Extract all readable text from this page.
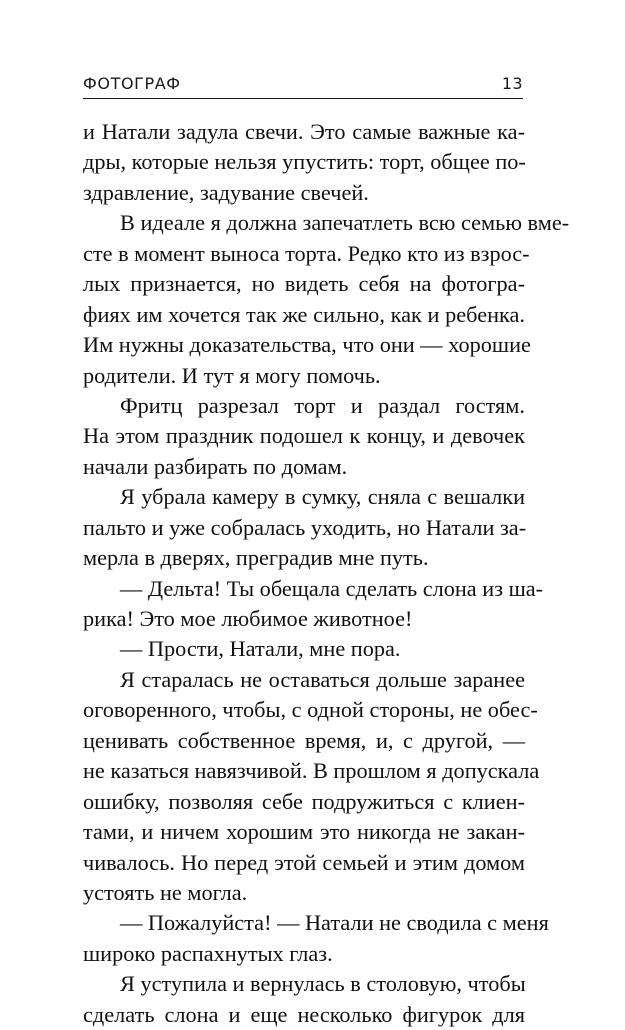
ФОТОГРАФ	13
и Натали задула свечи. Это самые важные ка-
дры, которые нельзя упустить: торт, общее по-
здравление, задувание свечей.
В идеале я должна запечатлеть всю семью вме-
сте в момент выноса торта. Редко кто из взрос-
лых признается, но видеть себя на фотогра-
фиях им хочется так же сильно, как и ребенка.
Им нужны доказательства, что они — хорошие
родители. И тут я могу помочь.
Фритц разрезал торт и раздал гостям.
На этом праздник подошел к концу, и девочек
начали разбирать по домам.
Я убрала камеру в сумку, сняла с вешалки
пальто и уже собралась уходить, но Натали за-
мерла в дверях, преградив мне путь.
— Дельта! Ты обещала сделать слона из ша-
рика! Это мое любимое животное!
— Прости, Натали, мне пора.
Я старалась не оставаться дольше заранее
оговоренного, чтобы, с одной стороны, не обес-
ценивать собственное время, и, с другой, —
не казаться навязчивой. В прошлом я допускала
ошибку, позволяя себе подружиться с клиен-
тами, и ничем хорошим это никогда не закан-
чивалось. Но перед этой семьей и этим домом
устоять не могла.
— Пожалуйста! — Натали не сводила с меня
широко распахнутых глаз.
Я уступила и вернулась в столовую, чтобы
сделать слона и еще несколько фигурок для
